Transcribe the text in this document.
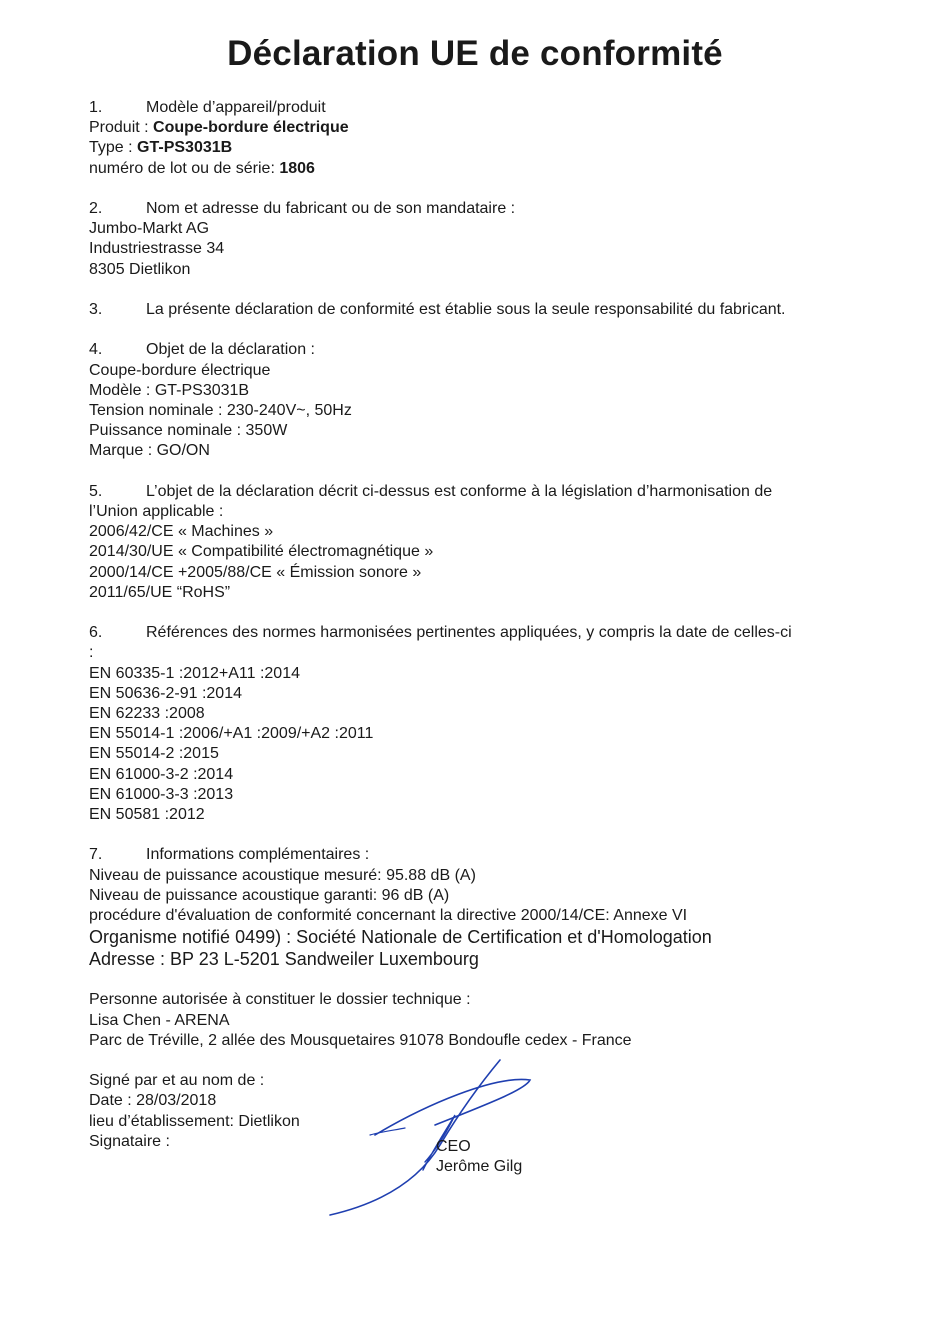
Déclaration UE de conformité
1.	Modèle d’appareil/produit
Produit : Coupe-bordure électrique
Type : GT-PS3031B
numéro de lot ou de série: 1806
2.	Nom et adresse du fabricant ou de son mandataire :
Jumbo-Markt AG
Industriestrasse 34
8305 Dietlikon
3.	La présente déclaration de conformité est établie sous la seule responsabilité du fabricant.
4.	Objet de la déclaration :
Coupe-bordure électrique
Modèle : GT-PS3031B
Tension nominale : 230-240V~, 50Hz
Puissance nominale : 350W
Marque : GO/ON
5.	L’objet de la déclaration décrit ci-dessus est conforme à la législation d’harmonisation de
l’Union applicable :
2006/42/CE « Machines »
2014/30/UE « Compatibilité électromagnétique »
2000/14/CE +2005/88/CE « Émission sonore »
2011/65/UE “RoHS”
6.	Références des normes harmonisées pertinentes appliquées, y compris la date de celles-ci
:
EN 60335-1 :2012+A11 :2014
EN 50636-2-91 :2014
EN 62233 :2008
EN 55014-1 :2006/+A1 :2009/+A2 :2011
EN 55014-2 :2015
EN 61000-3-2 :2014
EN 61000-3-3 :2013
EN 50581 :2012
7.	Informations complémentaires :
Niveau de puissance acoustique mesuré: 95.88 dB (A)
Niveau de puissance acoustique garanti: 96 dB (A)
procédure d'évaluation de conformité concernant la directive 2000/14/CE: Annexe VI
Organisme notifié 0499) : Société Nationale de Certification et d'Homologation
Adresse : BP 23 L-5201 Sandweiler Luxembourg
Personne autorisée à constituer le dossier technique :
Lisa Chen - ARENA
Parc de Tréville, 2 allée des Mousquetaires 91078 Bondoufle cedex - France
Signé par et au nom de :
Date : 28/03/2018
lieu d’établissement: Dietlikon
Signataire :	CEO
Jerôme Gilg
